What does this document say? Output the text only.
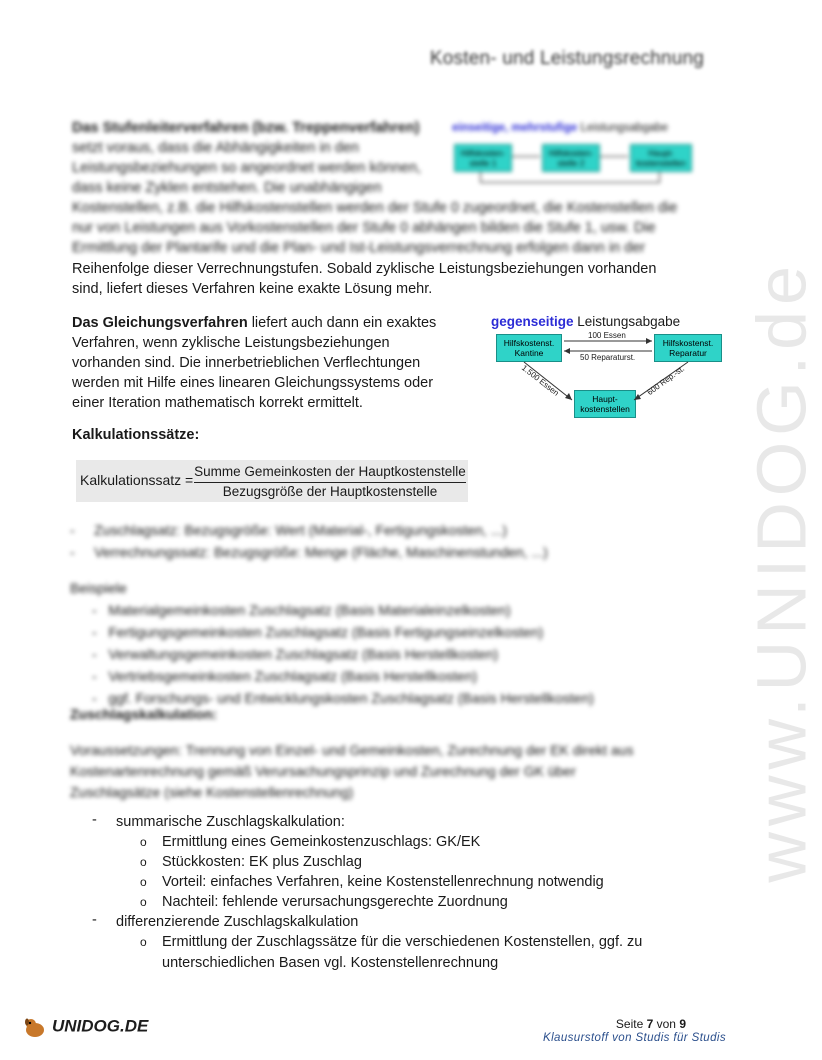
www.UNIDOG.de
Kosten- und Leistungsrechnung
Das Stufenleiterverfahren (bzw. Treppenverfahren)
setzt voraus, dass die Abhängigkeiten in den
Leistungsbeziehungen so angeordnet werden können,
dass keine Zyklen entstehen. Die unabhängigen
Kostenstellen, z.B. die Hilfskostenstellen werden der Stufe 0 zugeordnet, die Kostenstellen die
nur von Leistungen aus Vorkostenstellen der Stufe 0 abhängen bilden die Stufe 1, usw. Die
Ermittlung der Plantarife und die Plan- und Ist-Leistungsverrechnung erfolgen dann in der
Reihenfolge dieser Verrechnungstufen. Sobald zyklische Leistungsbeziehungen vorhanden
sind, liefert dieses Verfahren keine exakte Lösung mehr.
einseitige, mehrstufige Leistungsabgabe
Hilfskosten-
stelle 1
Hilfskosten-
stelle 2
Haupt-
kostenstellen
Das Gleichungsverfahren liefert auch dann ein exaktes
Verfahren, wenn zyklische Leistungsbeziehungen
vorhanden sind. Die innerbetrieblichen Verflechtungen
werden mit Hilfe eines linearen Gleichungssystems oder
einer Iteration mathematisch korrekt ermittelt.
gegenseitige Leistungsabgabe
Hilfskostenst.
Kantine
Hilfskostenst.
Reparatur
Haupt-
kostenstellen
100 Essen
50 Reparaturst.
1.500 Essen	600 Rep.-st.
Kalkulationssätze:
Kalkulationssatz =
Summe Gemeinkosten der Hauptkostenstelle
Bezugsgröße der Hauptkostenstelle
-     Zuschlagsatz: Bezugsgröße: Wert (Material-, Fertigungskosten, ...)
-     Verrechnungssatz: Bezugsgröße: Menge (Fläche, Maschinenstunden, ...)
Beispiele
-   Materialgemeinkosten Zuschlagsatz (Basis Materialeinzelkosten)
-   Fertigungsgemeinkosten Zuschlagsatz (Basis Fertigungseinzelkosten)
-   Verwaltungsgemeinkosten Zuschlagsatz (Basis Herstellkosten)
-   Vertriebsgemeinkosten Zuschlagsatz (Basis Herstellkosten)
-   ggf. Forschungs- und Entwicklungskosten Zuschlagsatz (Basis Herstellkosten)
Zuschlagskalkulation:
Voraussetzungen: Trennung von Einzel- und Gemeinkosten, Zurechnung der EK direkt aus
Kostenartenrechnung gemäß Verursachungsprinzip und Zurechnung der GK über
Zuschlagsätze (siehe Kostenstellenrechnung)
- summarische Zuschlagskalkulation:
o Ermittlung eines Gemeinkostenzuschlags: GK/EK
o Stückkosten: EK plus Zuschlag
o Vorteil: einfaches Verfahren, keine Kostenstellenrechnung notwendig
o Nachteil: fehlende verursachungsgerechte Zuordnung
- differenzierende Zuschlagskalkulation
o Ermittlung der Zuschlagssätze für die verschiedenen Kostenstellen, ggf. zu
unterschiedlichen Basen vgl. Kostenstellenrechnung
UNIDOG.DE	Seite 7 von 9
Klausurstoff von Studis für Studis
